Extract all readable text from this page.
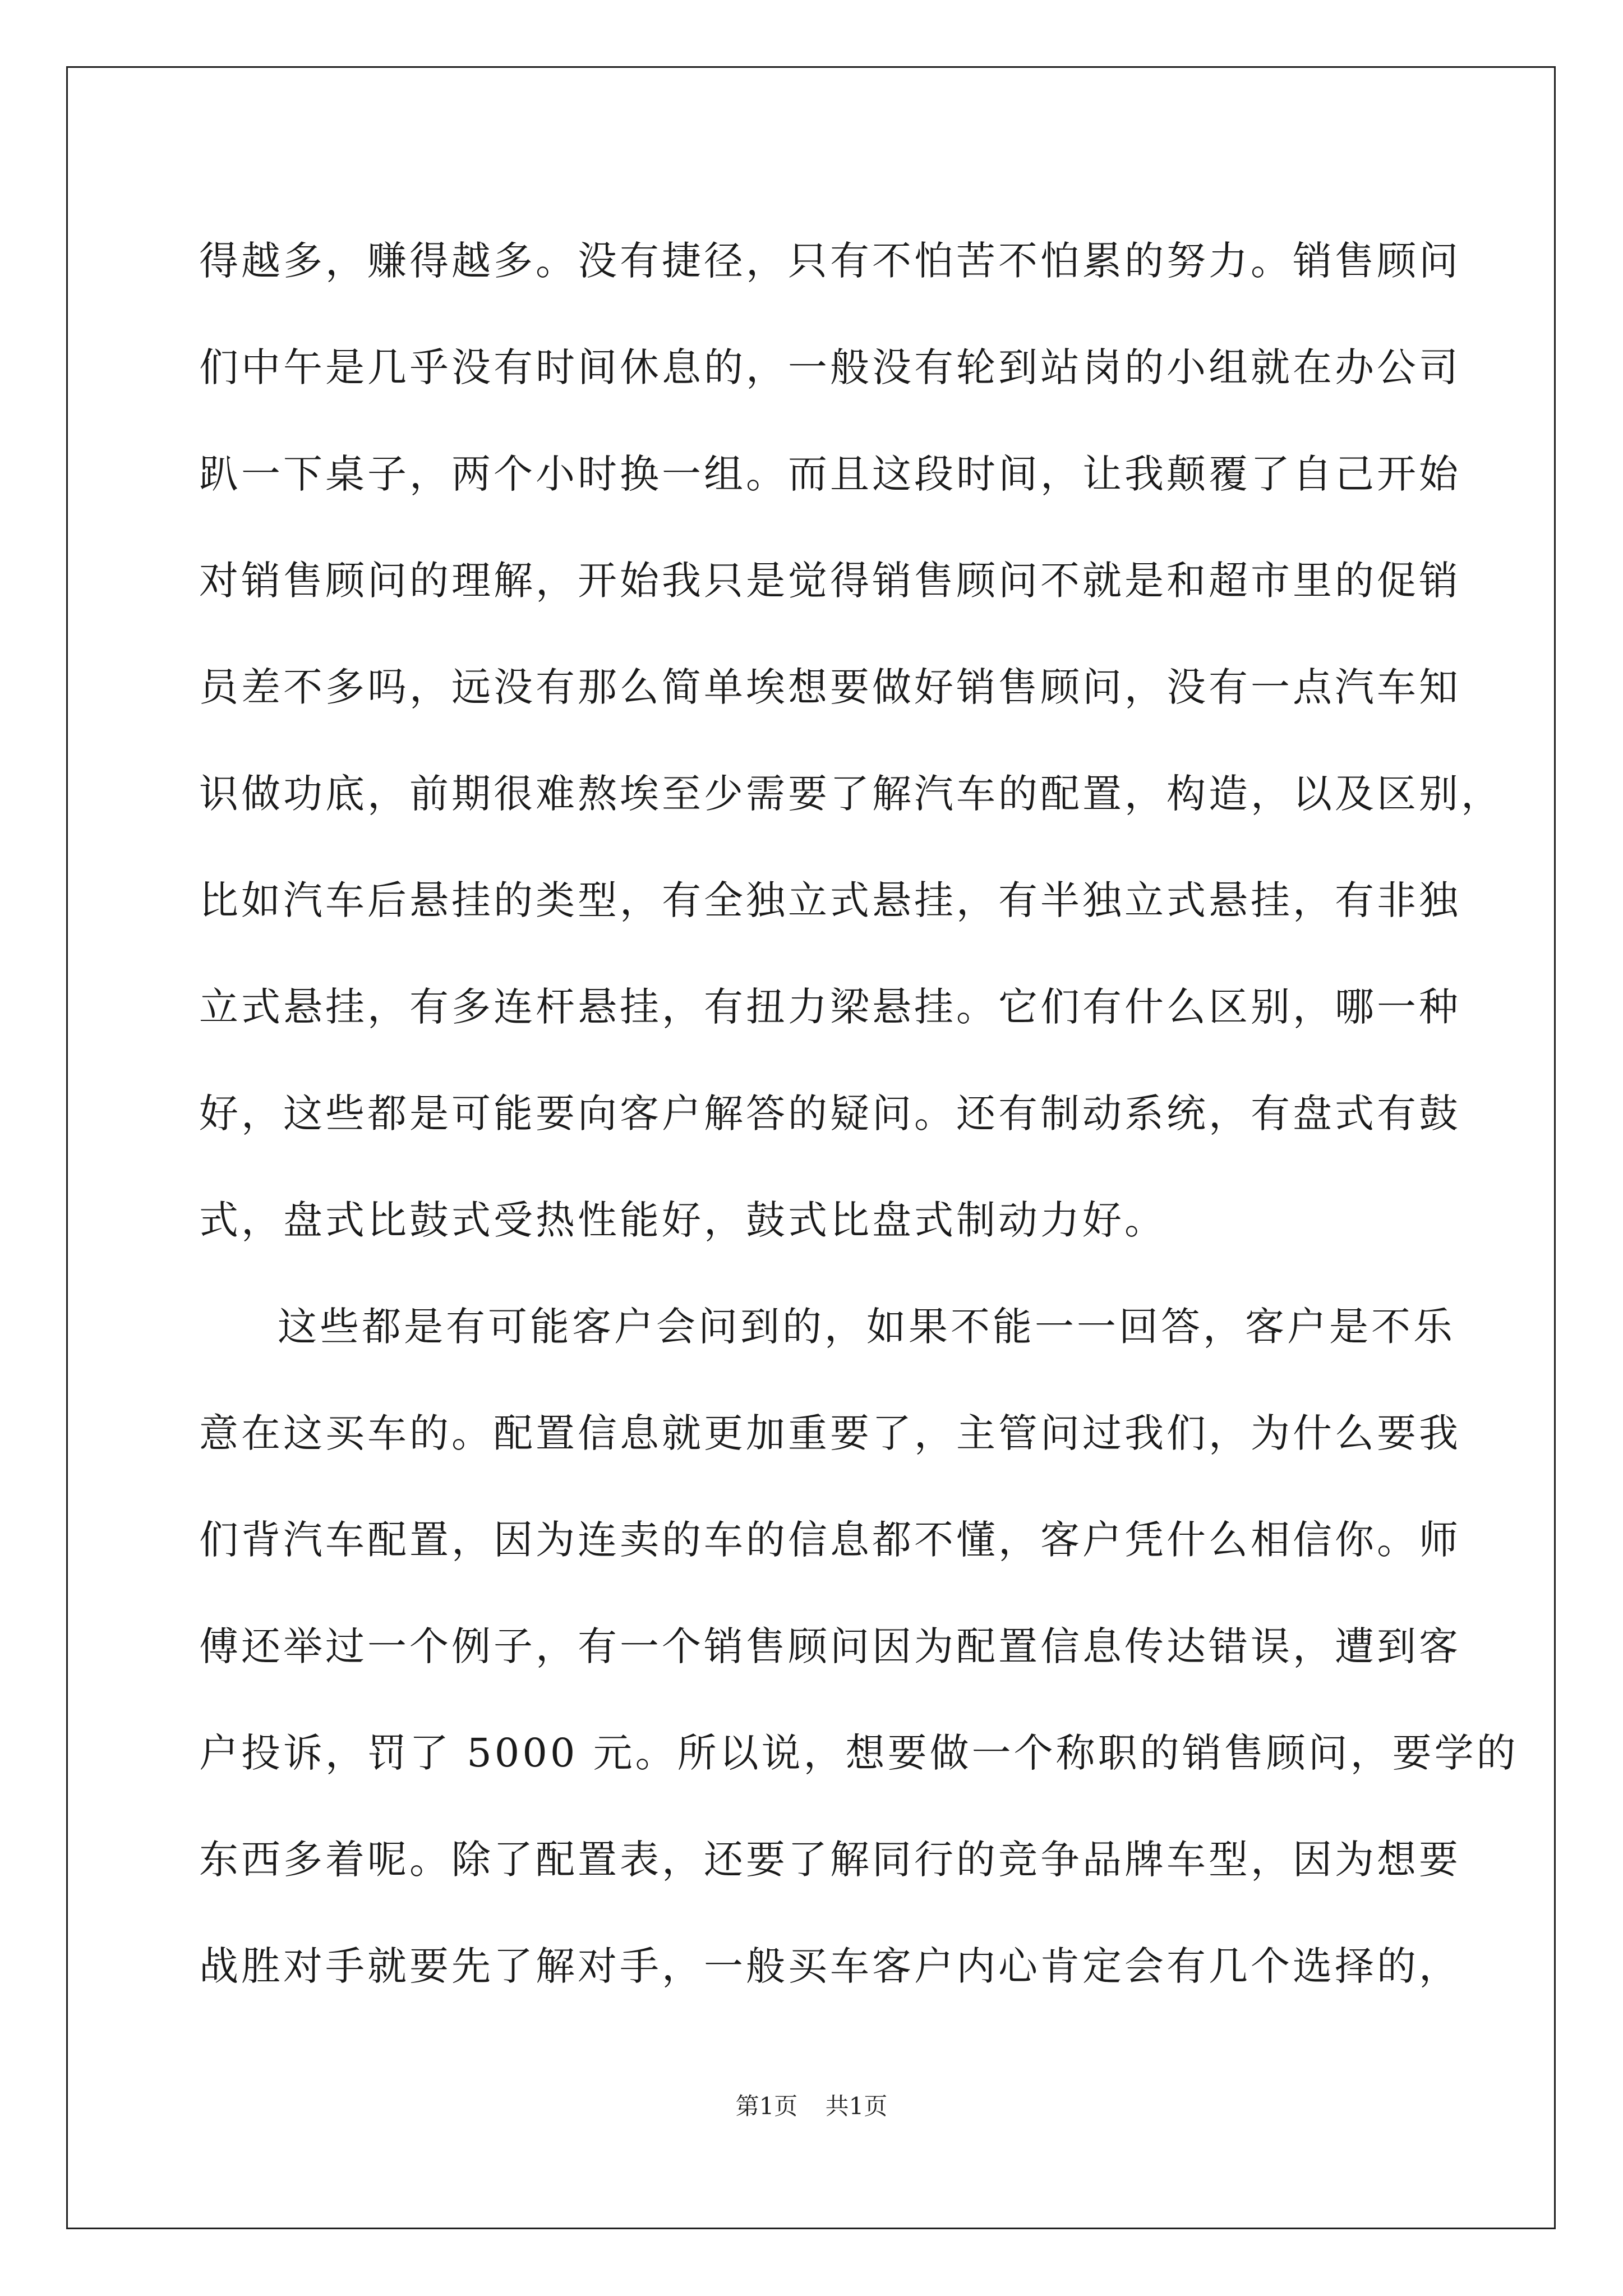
得越多，赚得越多。没有捷径，只有不怕苦不怕累的努力。销售顾问
们中午是几乎没有时间休息的，一般没有轮到站岗的小组就在办公司
趴一下桌子，两个小时换一组。而且这段时间，让我颠覆了自己开始
对销售顾问的理解，开始我只是觉得销售顾问不就是和超市里的促销
员差不多吗，远没有那么简单埃想要做好销售顾问，没有一点汽车知
识做功底，前期很难熬埃至少需要了解汽车的配置，构造，以及区别，
比如汽车后悬挂的类型，有全独立式悬挂，有半独立式悬挂，有非独
立式悬挂，有多连杆悬挂，有扭力梁悬挂。它们有什么区别，哪一种
好，这些都是可能要向客户解答的疑问。还有制动系统，有盘式有鼓
式，盘式比鼓式受热性能好，鼓式比盘式制动力好。
这些都是有可能客户会问到的，如果不能一一回答，客户是不乐
意在这买车的。配置信息就更加重要了，主管问过我们，为什么要我
们背汽车配置，因为连卖的车的信息都不懂，客户凭什么相信你。师
傅还举过一个例子，有一个销售顾问因为配置信息传达错误，遭到客
户投诉，罚了 5000 元。所以说，想要做一个称职的销售顾问，要学的
东西多着呢。除了配置表，还要了解同行的竞争品牌车型，因为想要
战胜对手就要先了解对手，一般买车客户内心肯定会有几个选择的，
第1页 共1页
